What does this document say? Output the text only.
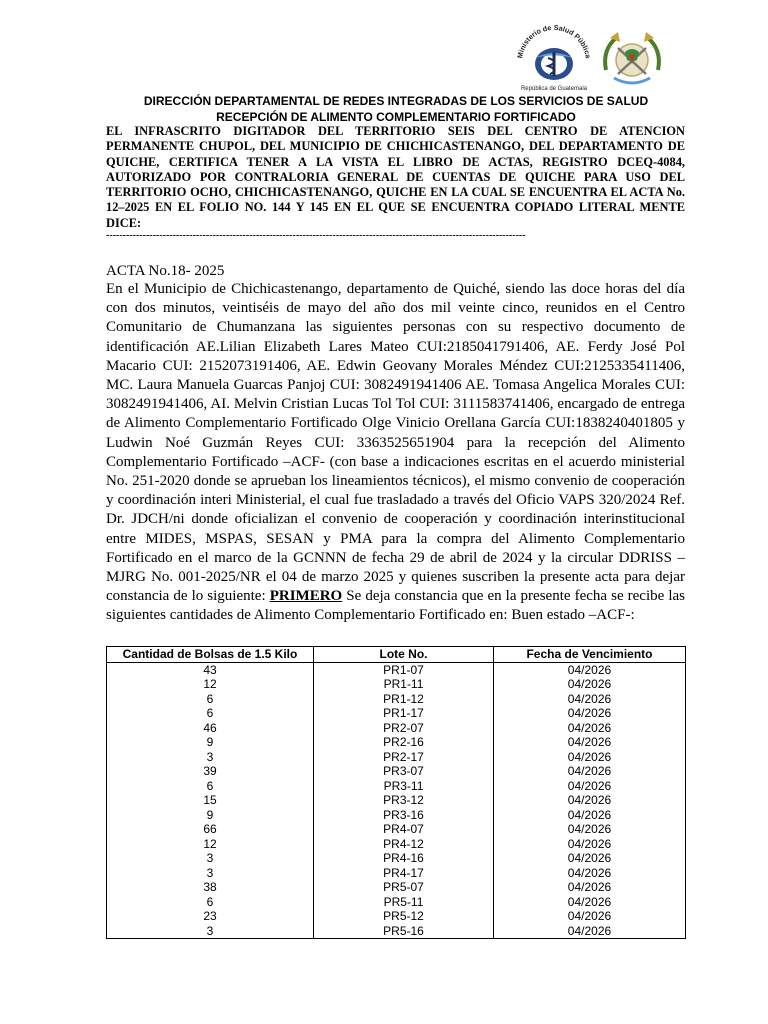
Ministerio de Salud Pública
República de Guatemala
DIRECCIÓN DEPARTAMENTAL DE REDES INTEGRADAS DE LOS SERVICIOS DE SALUD
RECEPCIÓN DE ALIMENTO COMPLEMENTARIO FORTIFICADO
EL INFRASCRITO DIGITADOR DEL TERRITORIO SEIS DEL CENTRO DE ATENCION PERMANENTE CHUPOL, DEL MUNICIPIO DE CHICHICASTENANGO, DEL DEPARTAMENTO DE QUICHE, CERTIFICA TENER A LA VISTA EL LIBRO DE ACTAS, REGISTRO DCEQ-4084, AUTORIZADO POR CONTRALORIA GENERAL DE CUENTAS DE QUICHE PARA USO DEL TERRITORIO OCHO, CHICHICASTENANGO, QUICHE EN LA CUAL SE ENCUENTRA EL ACTA No. 12–2025 EN EL FOLIO NO. 144 Y 145 EN EL QUE SE ENCUENTRA COPIADO LITERAL MENTE DICE:
------------------------------------------------------------------------------------------------------------------------------
ACTA No.18- 2025
En el Municipio de Chichicastenango, departamento de Quiché, siendo las doce horas del día con dos minutos, veintiséis de mayo del año dos mil veinte cinco, reunidos en el Centro Comunitario de Chumanzana las siguientes personas con su respectivo documento de identificación AE.Lilian Elizabeth Lares Mateo CUI:2185041791406, AE. Ferdy José Pol Macario CUI: 2152073191406, AE. Edwin Geovany Morales Méndez CUI:2125335411406, MC. Laura Manuela Guarcas Panjoj CUI: 3082491941406 AE. Tomasa Angelica Morales CUI: 3082491941406, AI. Melvin Cristian Lucas Tol Tol CUI: 3111583741406, encargado de entrega de Alimento Complementario Fortificado Olge Vinicio Orellana García CUI:1838240401805 y Ludwin Noé Guzmán Reyes CUI: 3363525651904 para la recepción del Alimento Complementario Fortificado –ACF- (con base a indicaciones escritas en el acuerdo ministerial No. 251-2020 donde se aprueban los lineamientos técnicos), el mismo convenio de cooperación y coordinación interi Ministerial, el cual fue trasladado a través del Oficio VAPS 320/2024 Ref. Dr. JDCH/ni donde oficializan el convenio de cooperación y coordinación interinstitucional entre MIDES, MSPAS, SESAN y PMA para la compra del Alimento Complementario Fortificado en el marco de la GCNNN de fecha 29 de abril de 2024 y la circular DDRISS – MJRG No. 001-2025/NR el 04 de marzo 2025 y quienes suscriben la presente acta para dejar constancia de lo siguiente: PRIMERO Se deja constancia que en la presente fecha se recibe las siguientes cantidades de Alimento Complementario Fortificado en: Buen estado –ACF-:
Cantidad de Bolsas de 1.5 Kilo	Lote No.	Fecha de Vencimiento
43	PR1-07	04/2026
12	PR1-11	04/2026
6	PR1-12	04/2026
6	PR1-17	04/2026
46	PR2-07	04/2026
9	PR2-16	04/2026
3	PR2-17	04/2026
39	PR3-07	04/2026
6	PR3-11	04/2026
15	PR3-12	04/2026
9	PR3-16	04/2026
66	PR4-07	04/2026
12	PR4-12	04/2026
3	PR4-16	04/2026
3	PR4-17	04/2026
38	PR5-07	04/2026
6	PR5-11	04/2026
23	PR5-12	04/2026
3	PR5-16	04/2026
